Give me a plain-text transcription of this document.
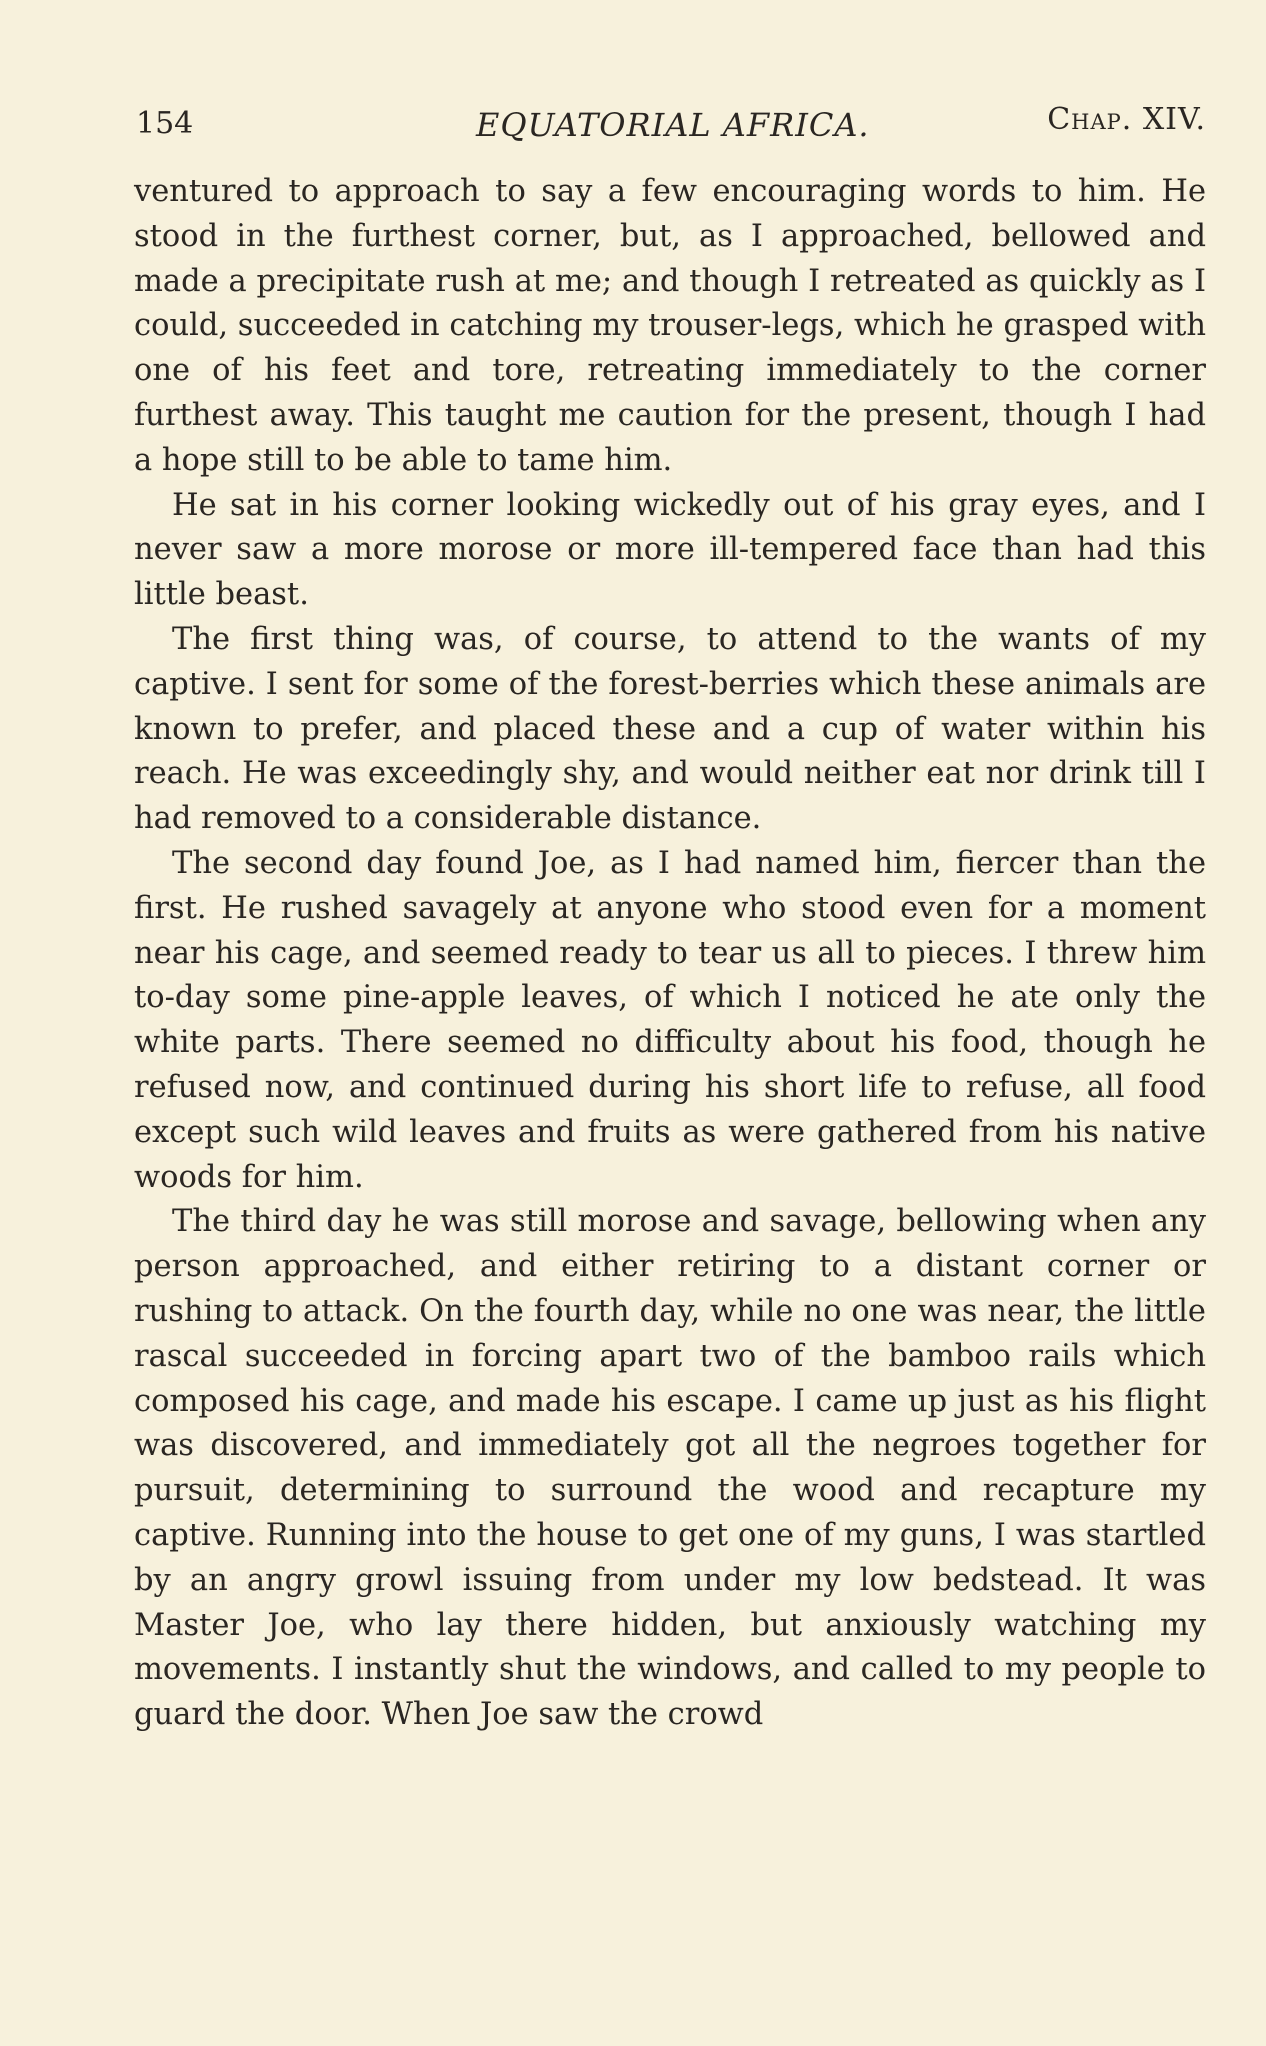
154	EQUATORIAL AFRICA.	Chap. XIV.

ventured to approach to say a few encouraging words to him. He stood in the furthest corner, but, as I approached, bellowed and made a precipitate rush at me; and though I retreated as quickly as I could, succeeded in catching my trouser-legs, which he grasped with one of his feet and tore, retreating immediately to the corner furthest away. This taught me caution for the present, though I had a hope still to be able to tame him.

He sat in his corner looking wickedly out of his gray eyes, and I never saw a more morose or more ill-tempered face than had this little beast.

The first thing was, of course, to attend to the wants of my captive. I sent for some of the forest-berries which these animals are known to prefer, and placed these and a cup of water within his reach. He was exceedingly shy, and would neither eat nor drink till I had removed to a considerable distance.

The second day found Joe, as I had named him, fiercer than the first. He rushed savagely at anyone who stood even for a moment near his cage, and seemed ready to tear us all to pieces. I threw him to-day some pine-apple leaves, of which I noticed he ate only the white parts. There seemed no difficulty about his food, though he refused now, and continued during his short life to refuse, all food except such wild leaves and fruits as were gathered from his native woods for him.

The third day he was still morose and savage, bellowing when any person approached, and either retiring to a distant corner or rushing to attack. On the fourth day, while no one was near, the little rascal succeeded in forcing apart two of the bamboo rails which composed his cage, and made his escape. I came up just as his flight was discovered, and immediately got all the negroes together for pursuit, determining to surround the wood and recapture my captive. Running into the house to get one of my guns, I was startled by an angry growl issuing from under my low bedstead. It was Master Joe, who lay there hidden, but anxiously watching my movements. I instantly shut the windows, and called to my people to guard the door. When Joe saw the crowd
